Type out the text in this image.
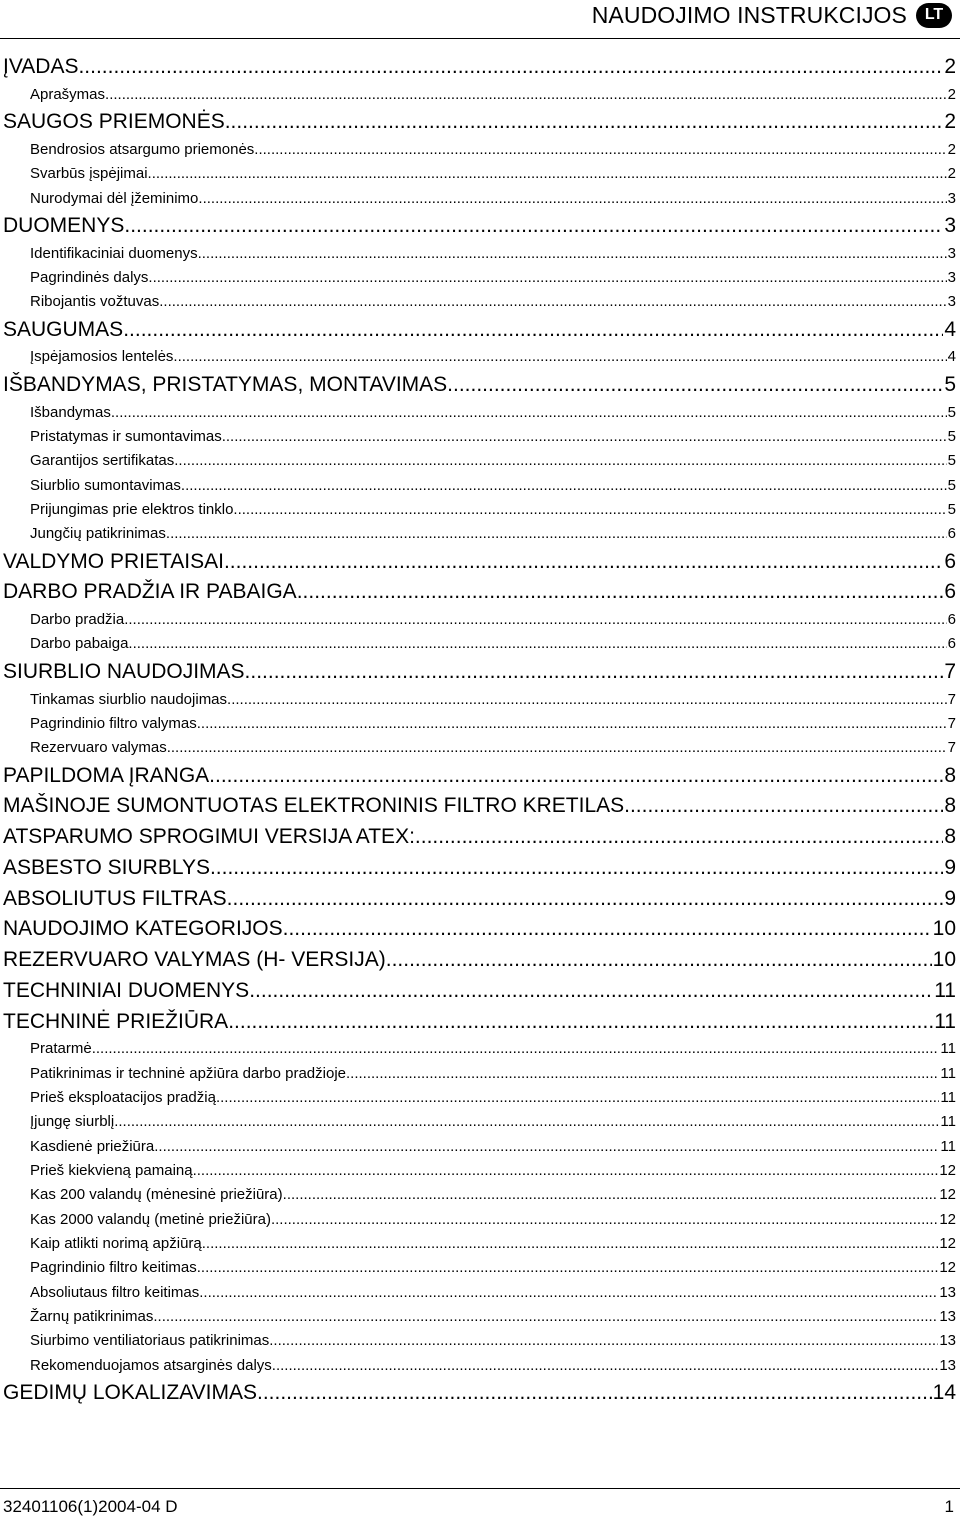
NAUDOJIMO INSTRUKCIJOS	LT
ĮVADAS .....	2
Aprašymas .....	2
SAUGOS PRIEMONĖS .....	2
Bendrosios atsargumo priemonės .....	2
Svarbūs įspėjimai .....	2
Nurodymai dėl įžeminimo .....	3
DUOMENYS .....	3
Identifikaciniai duomenys .....	3
Pagrindinės dalys .....	3
Ribojantis vožtuvas .....	3
SAUGUMAS .....	4
Įspėjamosios lentelės .....	4
IŠBANDYMAS, PRISTATYMAS, MONTAVIMAS .....	5
Išbandymas .....	5
Pristatymas ir sumontavimas .....	5
Garantijos sertifikatas .....	5
Siurblio sumontavimas .....	5
Prijungimas prie elektros tinklo .....	5
Jungčių patikrinimas .....	6
VALDYMO PRIETAISAI .....	6
DARBO PRADŽIA IR PABAIGA .....	6
Darbo pradžia .....	6
Darbo pabaiga .....	6
SIURBLIO NAUDOJIMAS .....	7
Tinkamas siurblio naudojimas .....	7
Pagrindinio filtro valymas .....	7
Rezervuaro valymas .....	7
PAPILDOMA ĮRANGA .....	8
MAŠINOJE SUMONTUOTAS ELEKTRONINIS FILTRO KRETILAS .....	8
ATSPARUMO SPROGIMUI VERSIJA ATEX: .....	8
ASBESTO SIURBLYS .....	9
ABSOLIUTUS FILTRAS .....	9
NAUDOJIMO KATEGORIJOS .....	10
REZERVUARO VALYMAS (H- VERSIJA) .....	10
TECHNINIAI DUOMENYS .....	11
TECHNINĖ PRIEŽIŪRA .....	11
Pratarmė .....	11
Patikrinimas ir techninė apžiūra darbo pradžioje. .....	11
Prieš eksploatacijos pradžią .....	11
Įjungę siurblį .....	11
Kasdienė priežiūra .....	11
Prieš kiekvieną pamainą .....	12
Kas 200 valandų (mėnesinė priežiūra) .....	12
Kas 2000 valandų (metinė priežiūra) .....	12
Kaip atlikti norimą apžiūrą .....	12
Pagrindinio filtro keitimas .....	12
Absoliutaus filtro keitimas .....	13
Žarnų patikrinimas .....	13
Siurbimo ventiliatoriaus patikrinimas .....	13
Rekomenduojamos atsarginės dalys .....	13
GEDIMŲ LOKALIZAVIMAS .....	14
32401106(1)2004-04 D	1
